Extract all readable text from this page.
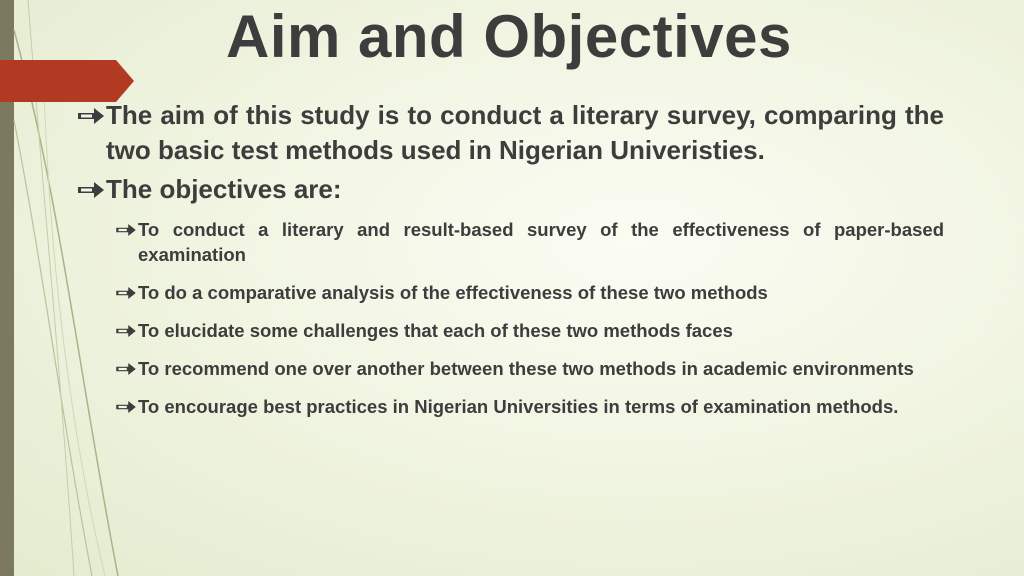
Aim and Objectives
The aim of this study is to conduct a literary survey, comparing the two basic test methods used in Nigerian Univeristies.
The objectives are:
To conduct a literary and result-based survey of the effectiveness of paper-based examination
To do a comparative analysis of the effectiveness of these two methods
To elucidate some challenges that each of these two methods faces
To recommend one over another between these two methods in academic environments
To encourage best practices in Nigerian Universities in terms of examination methods.
